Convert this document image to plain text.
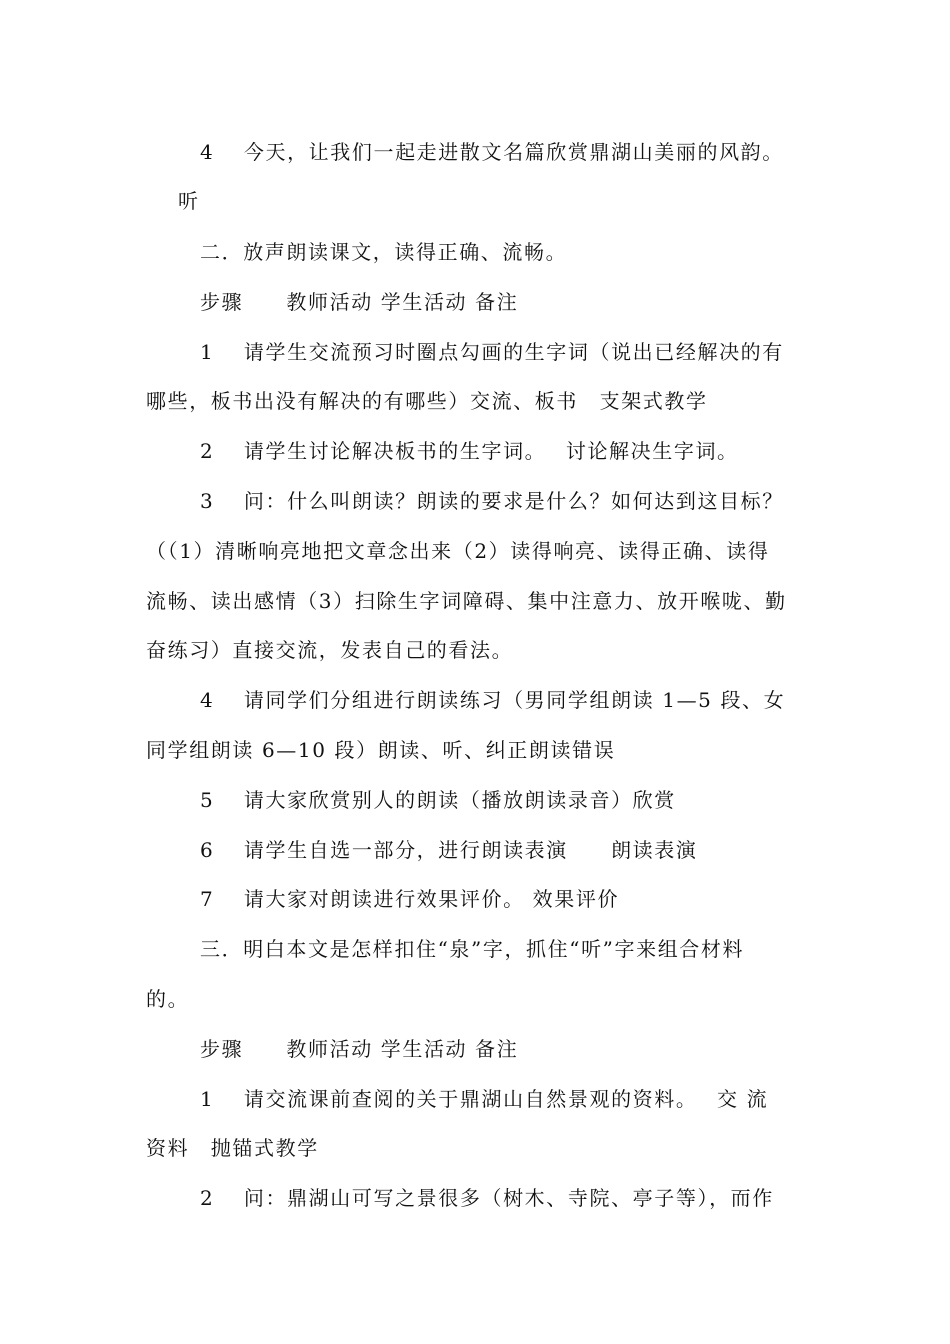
4　 今天，让我们一起走进散文名篇欣赏鼎湖山美丽的风韵。
听
二．放声朗读课文，读得正确、流畅。
步骤　　教师活动 学生活动 备注
1　 请学生交流预习时圈点勾画的生字词（说出已经解决的有
哪些，板书出没有解决的有哪些）交流、板书　支架式教学
2　 请学生讨论解决板书的生字词。　 讨论解决生字词。
3　 问：什么叫朗读？朗读的要求是什么？如何达到这目标？
（（1）清晰响亮地把文章念出来（2）读得响亮、读得正确、读得
流畅、读出感情（3）扫除生字词障碍、集中注意力、放开喉咙、勤
奋练习）直接交流，发表自己的看法。
4　 请同学们分组进行朗读练习（男同学组朗读 1—5 段、女
同学组朗读 6—10 段）朗读、听、纠正朗读错误
5　 请大家欣赏别人的朗读（播放朗读录音）欣赏
6　 请学生自选一部分，进行朗读表演　　朗读表演
7　 请大家对朗读进行效果评价。 效果评价
三．明白本文是怎样扣住“泉”字，抓住“听”字来组合材料
的。
步骤　　教师活动 学生活动 备注
1　 请交流课前查阅的关于鼎湖山自然景观的资料。　 交 流
资料　抛锚式教学
2　 问：鼎湖山可写之景很多（树木、寺院、亭子等），而作
